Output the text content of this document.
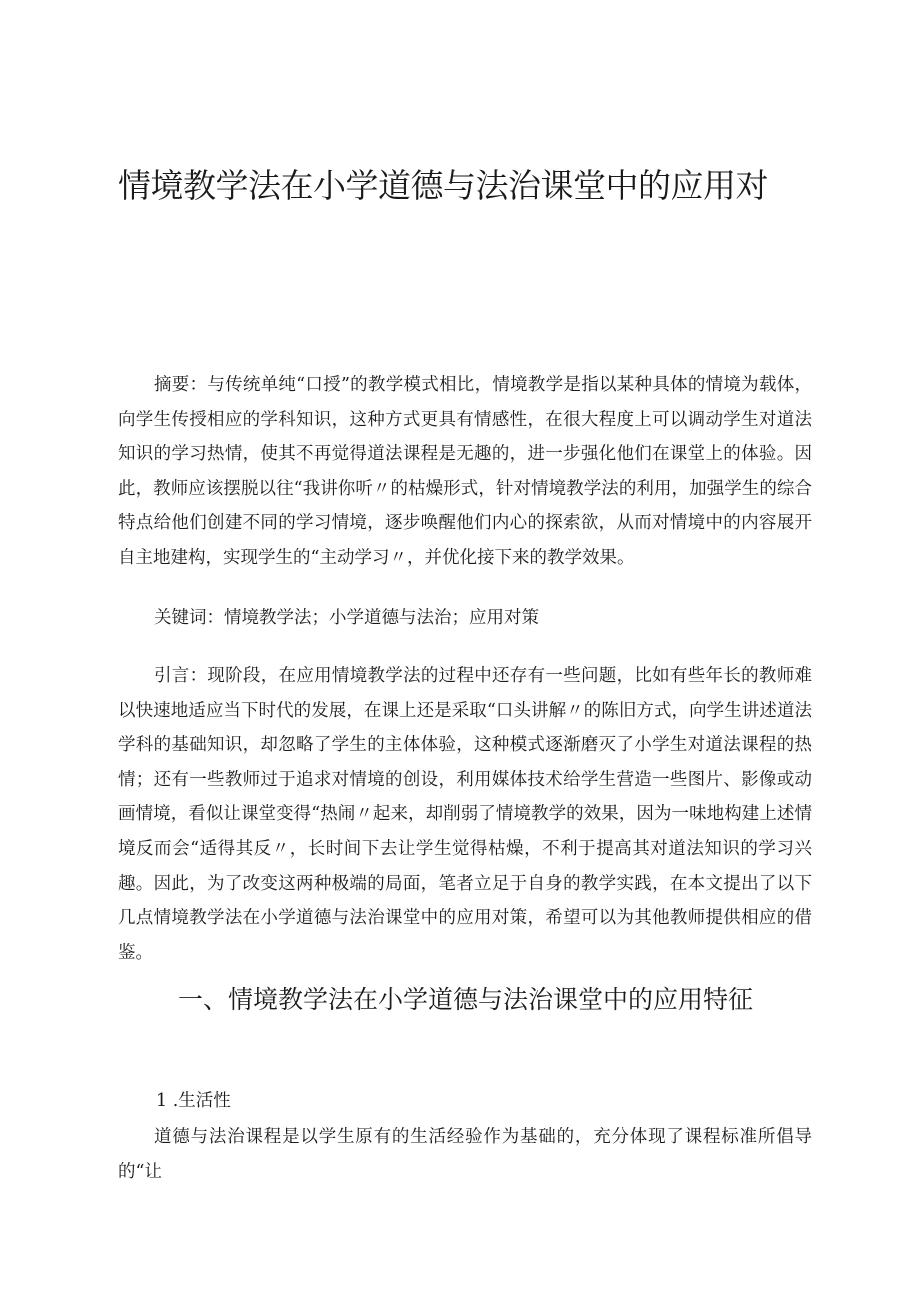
情境教学法在小学道德与法治课堂中的应用对

摘要：与传统单纯“口授”的教学模式相比，情境教学是指以某种具体的情境为载体，向学生传授相应的学科知识，这种方式更具有情感性，在很大程度上可以调动学生对道法知识的学习热情，使其不再觉得道法课程是无趣的，进一步强化他们在课堂上的体验。因此，教师应该摆脱以往“我讲你听〃的枯燥形式，针对情境教学法的利用，加强学生的综合特点给他们创建不同的学习情境，逐步唤醒他们内心的探索欲，从而对情境中的内容展开自主地建构，实现学生的“主动学习〃，并优化接下来的教学效果。

关键词：情境教学法；小学道德与法治；应用对策

引言：现阶段，在应用情境教学法的过程中还存有一些问题，比如有些年长的教师难以快速地适应当下时代的发展，在课上还是采取“口头讲解〃的陈旧方式，向学生讲述道法学科的基础知识，却忽略了学生的主体体验，这种模式逐渐磨灭了小学生对道法课程的热情；还有一些教师过于追求对情境的创设，利用媒体技术给学生营造一些图片、影像或动画情境，看似让课堂变得“热闹〃起来，却削弱了情境教学的效果，因为一味地构建上述情境反而会“适得其反〃，长时间下去让学生觉得枯燥，不利于提高其对道法知识的学习兴趣。因此，为了改变这两种极端的局面，笔者立足于自身的教学实践，在本文提出了以下几点情境教学法在小学道德与法治课堂中的应用对策，希望可以为其他教师提供相应的借鉴。

一、情境教学法在小学道德与法治课堂中的应用特征
1 .生活性

道德与法治课程是以学生原有的生活经验作为基础的，充分体现了课程标准所倡导的“让
